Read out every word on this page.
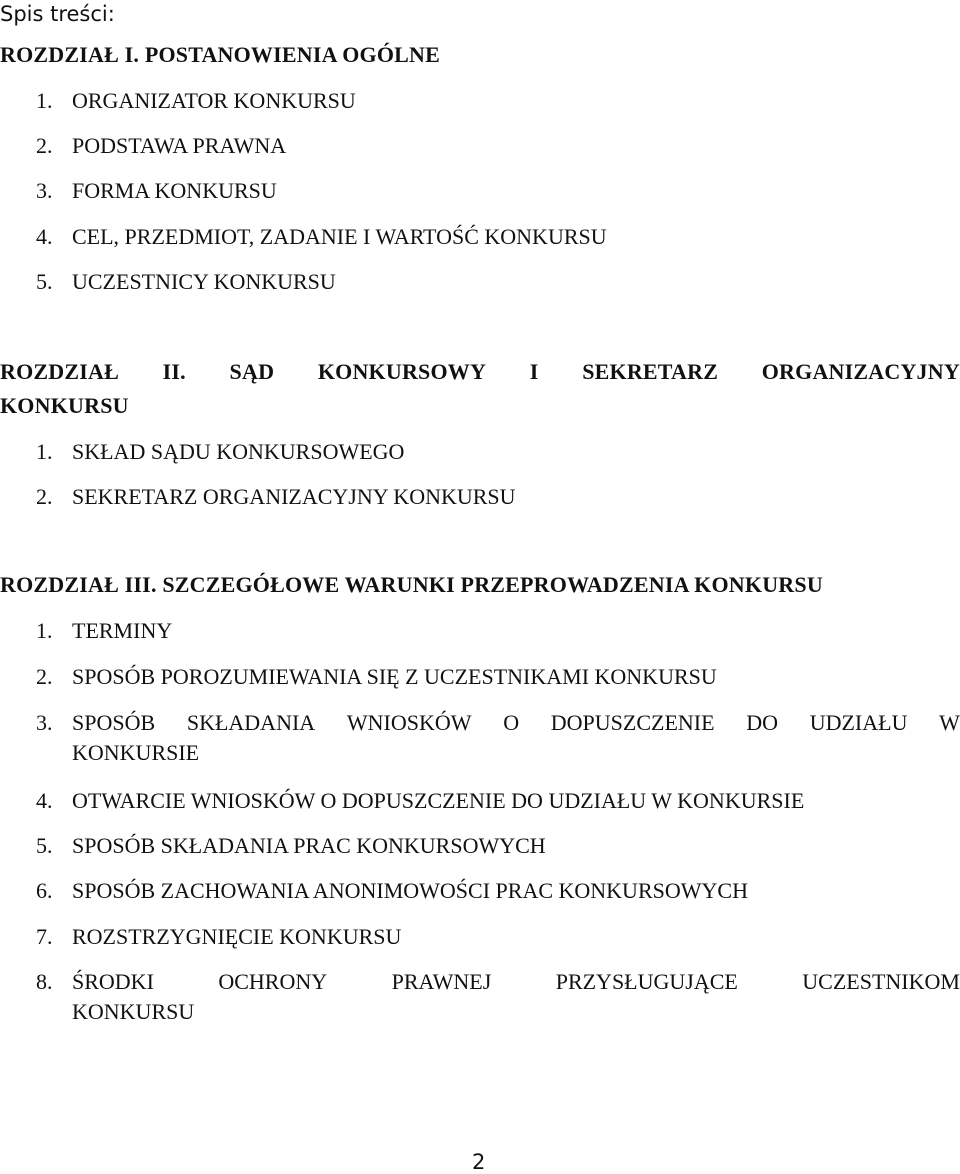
Spis treści:
ROZDZIAŁ I. POSTANOWIENIA OGÓLNE
1. ORGANIZATOR KONKURSU
2. PODSTAWA PRAWNA
3. FORMA KONKURSU
4. CEL, PRZEDMIOT, ZADANIE I WARTOŚĆ KONKURSU
5. UCZESTNICY KONKURSU
ROZDZIAŁ II. SĄD KONKURSOWY I SEKRETARZ ORGANIZACYJNY
KONKURSU
1. SKŁAD SĄDU KONKURSOWEGO
2. SEKRETARZ ORGANIZACYJNY KONKURSU
ROZDZIAŁ III. SZCZEGÓŁOWE WARUNKI PRZEPROWADZENIA KONKURSU
1. TERMINY
2. SPOSÓB POROZUMIEWANIA SIĘ Z UCZESTNIKAMI KONKURSU
3. SPOSÓB SKŁADANIA WNIOSKÓW O DOPUSZCZENIE DO UDZIAŁU W
KONKURSIE
4. OTWARCIE WNIOSKÓW O DOPUSZCZENIE DO UDZIAŁU W KONKURSIE
5. SPOSÓB SKŁADANIA PRAC KONKURSOWYCH
6. SPOSÓB ZACHOWANIA ANONIMOWOŚCI PRAC KONKURSOWYCH
7. ROZSTRZYGNIĘCIE KONKURSU
8. ŚRODKI	OCHRONY	PRAWNEJ	PRZYSŁUGUJĄCE	UCZESTNIKOM
KONKURSU
2
